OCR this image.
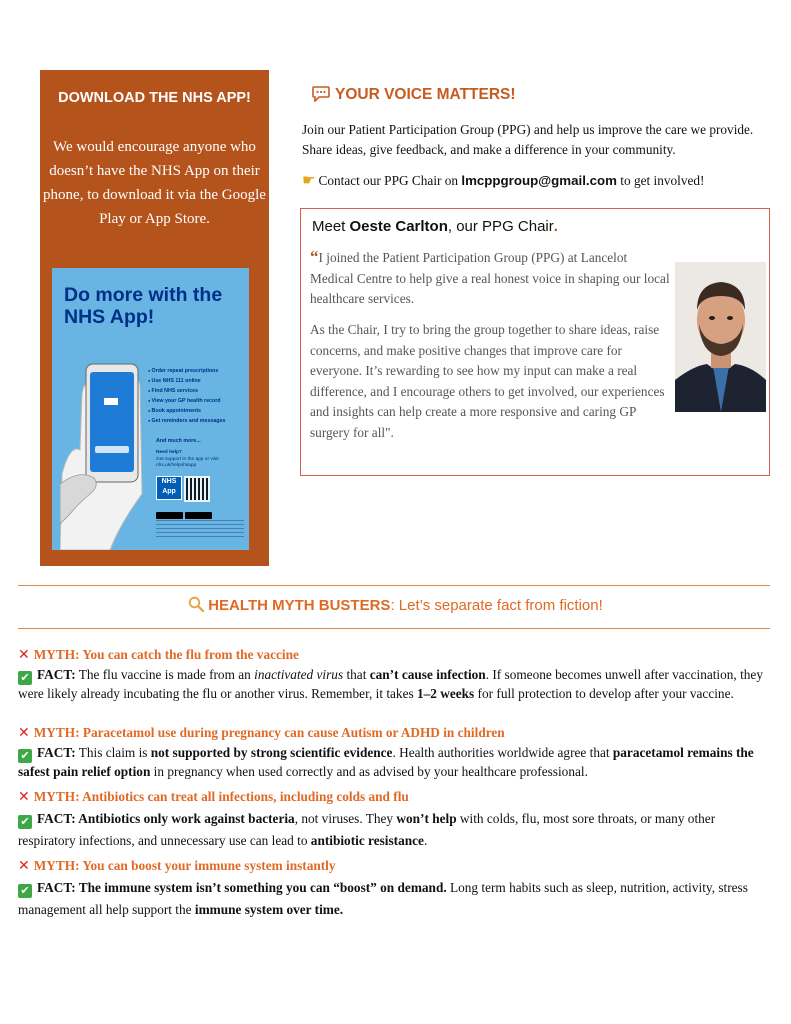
DOWNLOAD THE NHS APP!
We would encourage anyone who doesn’t have the NHS App on their phone, to download it via the Google Play or App Store.
Do more with the NHS App!
● Order repeat prescriptions
● Use NHS 111 online
● Find NHS services
● View your GP health record
● Book appointments
● Get reminders and messages
And much more...
Need help?
Get support in the app or visit nhs.uk/helpnhsapp
NHS
App
YOUR VOICE MATTERS!
Join our Patient Participation Group (PPG) and help us improve the care we provide. Share ideas, give feedback, and make a difference in your community.
☛ Contact our PPG Chair on lmcppgroup@gmail.com to get involved!
Meet Oeste Carlton, our PPG Chair.
“I joined the Patient Participation Group (PPG) at Lancelot Medical Centre to help give a real honest voice in shaping our local healthcare services.
As the Chair, I try to bring the group together to share ideas, raise concerns, and make positive changes that improve care for everyone. It’s rewarding to see how my input can make a real difference, and I encourage others to get involved, our experiences and insights can help create a more responsive and caring GP surgery for all".
HEALTH MYTH BUSTERS: Let’s separate fact from fiction!
✕ MYTH: You can catch the flu from the vaccine
✔ FACT: The flu vaccine is made from an inactivated virus that can’t cause infection. If someone becomes unwell after vaccination, they were likely already incubating the flu or another virus. Remember, it takes 1–2 weeks for full protection to develop after your vaccine.
✕ MYTH: Paracetamol use during pregnancy can cause Autism or ADHD in children
✔ FACT: This claim is not supported by strong scientific evidence. Health authorities worldwide agree that paracetamol remains the safest pain relief option in pregnancy when used correctly and as advised by your healthcare professional.
✕ MYTH: Antibiotics can treat all infections, including colds and flu
✔ FACT: Antibiotics only work against bacteria, not viruses. They won’t help with colds, flu, most sore throats, or many other respiratory infections, and unnecessary use can lead to antibiotic resistance.
✕ MYTH: You can boost your immune system instantly
✔ FACT: The immune system isn’t something you can “boost” on demand. Long term habits such as sleep, nutrition, activity, stress management all help support the immune system over time.
